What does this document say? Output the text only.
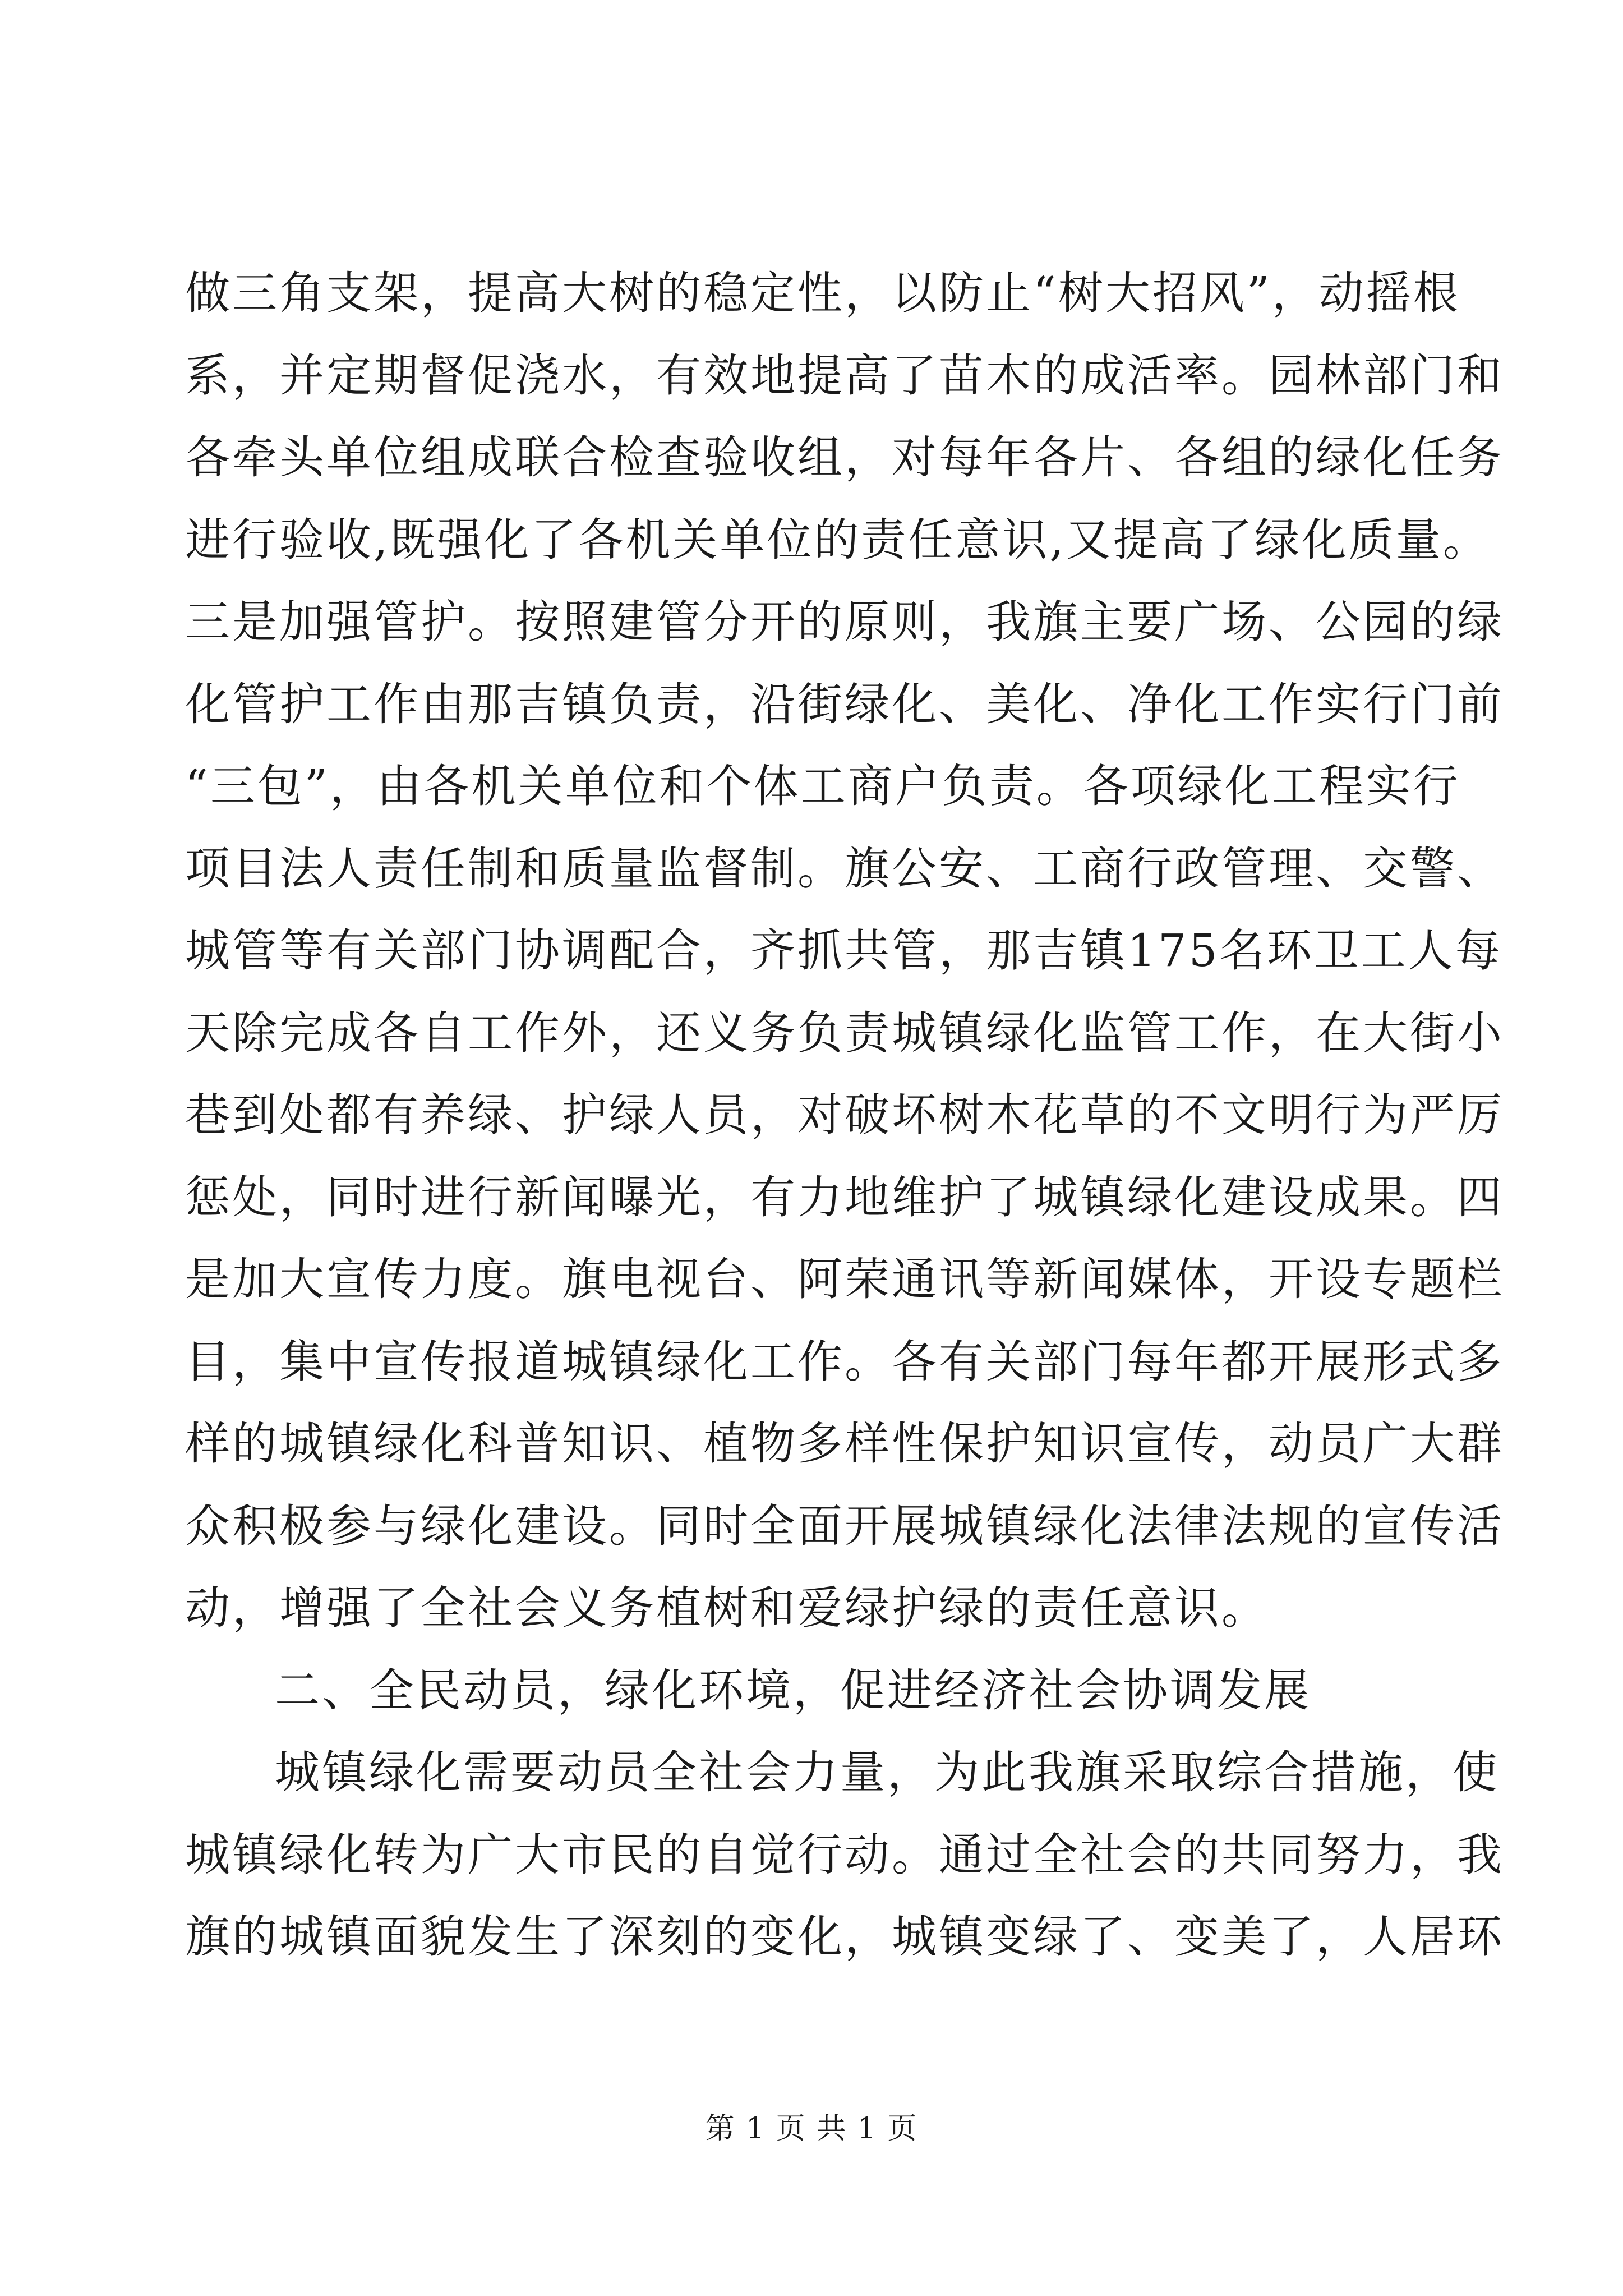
做三角支架，提高大树的稳定性，以防止“树大招风”，动摇根
系，并定期督促浇水，有效地提高了苗木的成活率。园林部门和
各牵头单位组成联合检查验收组，对每年各片、各组的绿化任务
进行验收,既强化了各机关单位的责任意识,又提高了绿化质量。
三是加强管护。按照建管分开的原则，我旗主要广场、公园的绿
化管护工作由那吉镇负责，沿街绿化、美化、净化工作实行门前
“三包”，由各机关单位和个体工商户负责。各项绿化工程实行
项目法人责任制和质量监督制。旗公安、工商行政管理、交警、
城管等有关部门协调配合，齐抓共管，那吉镇175名环卫工人每
天除完成各自工作外，还义务负责城镇绿化监管工作，在大街小
巷到处都有养绿、护绿人员，对破坏树木花草的不文明行为严厉
惩处，同时进行新闻曝光，有力地维护了城镇绿化建设成果。四
是加大宣传力度。旗电视台、阿荣通讯等新闻媒体，开设专题栏
目，集中宣传报道城镇绿化工作。各有关部门每年都开展形式多
样的城镇绿化科普知识、植物多样性保护知识宣传，动员广大群
众积极参与绿化建设。同时全面开展城镇绿化法律法规的宣传活
动，增强了全社会义务植树和爱绿护绿的责任意识。
二、全民动员，绿化环境，促进经济社会协调发展
城镇绿化需要动员全社会力量，为此我旗采取综合措施，使
城镇绿化转为广大市民的自觉行动。通过全社会的共同努力，我
旗的城镇面貌发生了深刻的变化，城镇变绿了、变美了，人居环
第 1 页 共 1 页
